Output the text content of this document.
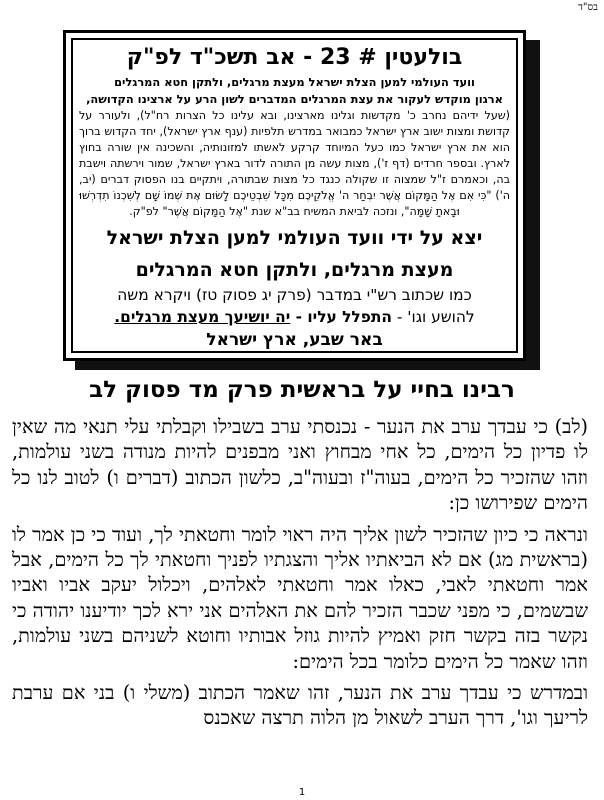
בס"ד
בולעטין # 23 - אב תשכ"ד לפ"ק
וועד העולמי למען הצלת ישראל מעצת מרגלים, ולתקן חטא המרגלים
ארגון מוקדש לעקור את עצת המרגלים המדברים לשון הרע על ארצינו הקדושה,
(שעל ידיהם נחרב כ' מקדשות וגלינו מארצינו, ובא עלינו כל הצרות רח"ל), ולעורר על קדושת ומצות ישוב ארץ ישראל כמבואר במדרש תלפיות (ענף ארץ ישראל), יחד הקדוש ברוך הוא את ארץ ישראל כמו כעל המיוחד קרקע לאשתו למזונותיה, והשכינה אין שורה בחוץ לארץ. ובספר חרדים (דף ז'), מצות עשה מן התורה לדור בארץ ישראל, שמור וירשתה וישבת בה, וכאמרם ז"ל שמצוה זו שקולה כנגד כל מצות שבתורה, ויתקיים בנו הפסוק דברים (יב, ה') "כִּי אִם אֶל הַמָּקוֹם אֲשֶׁר יִבְחַר ה' אֱלֹקֵיכֶם מִכָּל שִׁבְטֵיכֶם לָשׂוּם אֶת שְׁמוֹ שָׁם לְשִׁכְנוֹ תִדְרְשׁוּ וּבָאתָ שָׁמָּה", ונזכה לביאת המשיח בב"א שנת "אֶל הַמָּקוֹם אֲשֶׁר" לפ"ק.
יצא על ידי וועד העולמי למען הצלת ישראל
מעצת מרגלים, ולתקן חטא המרגלים
כמו שכתוב רש"י במדבר (פרק יג פסוק טז) ויקרא משה
להושע וגו' - התפלל עליו - יה יושיעך מעצת מרגלים.
באר שבע, ארץ ישראל
רבינו בחיי על בראשית פרק מד פסוק לב

(לב) כי עבדך ערב את הנער - נכנסתי ערב בשבילו וקבלתי עלי תנאי מה שאין לו פדיון כל הימים, כל אחי מבחוץ ואני מבפנים להיות מנודה בשני עולמות, וזהו שהזכיר כל הימים, בעוה"ז ובעוה"ב, כלשון הכתוב (דברים ו) לטוב לנו כל הימים שפירושו כן:

ונראה כי כיון שהזכיר לשון אליך היה ראוי לומר וחטאתי לך, ועוד כי כן אמר לו (בראשית מג) אם לא הביאתיו אליך והצגתיו לפניך וחטאתי לך כל הימים, אבל אמר וחטאתי לאבי, כאלו אמר וחטאתי לאלהים, ויכלול יעקב אביו ואביו שבשמים, כי מפני שכבר הזכיר להם את האלהים אני ירא לכך יודיענו יהודה כי נקשר בזה בקשר חזק ואמיץ להיות גוזל אבותיו וחוטא לשניהם בשני עולמות, וזהו שאמר כל הימים כלומר בכל הימים:

ובמדרש כי עבדך ערב את הנער, זהו שאמר הכתוב (משלי ו) בני אם ערבת לריעך וגו', דרך הערב לשאול מן הלוה תרצה שאכנס

1
